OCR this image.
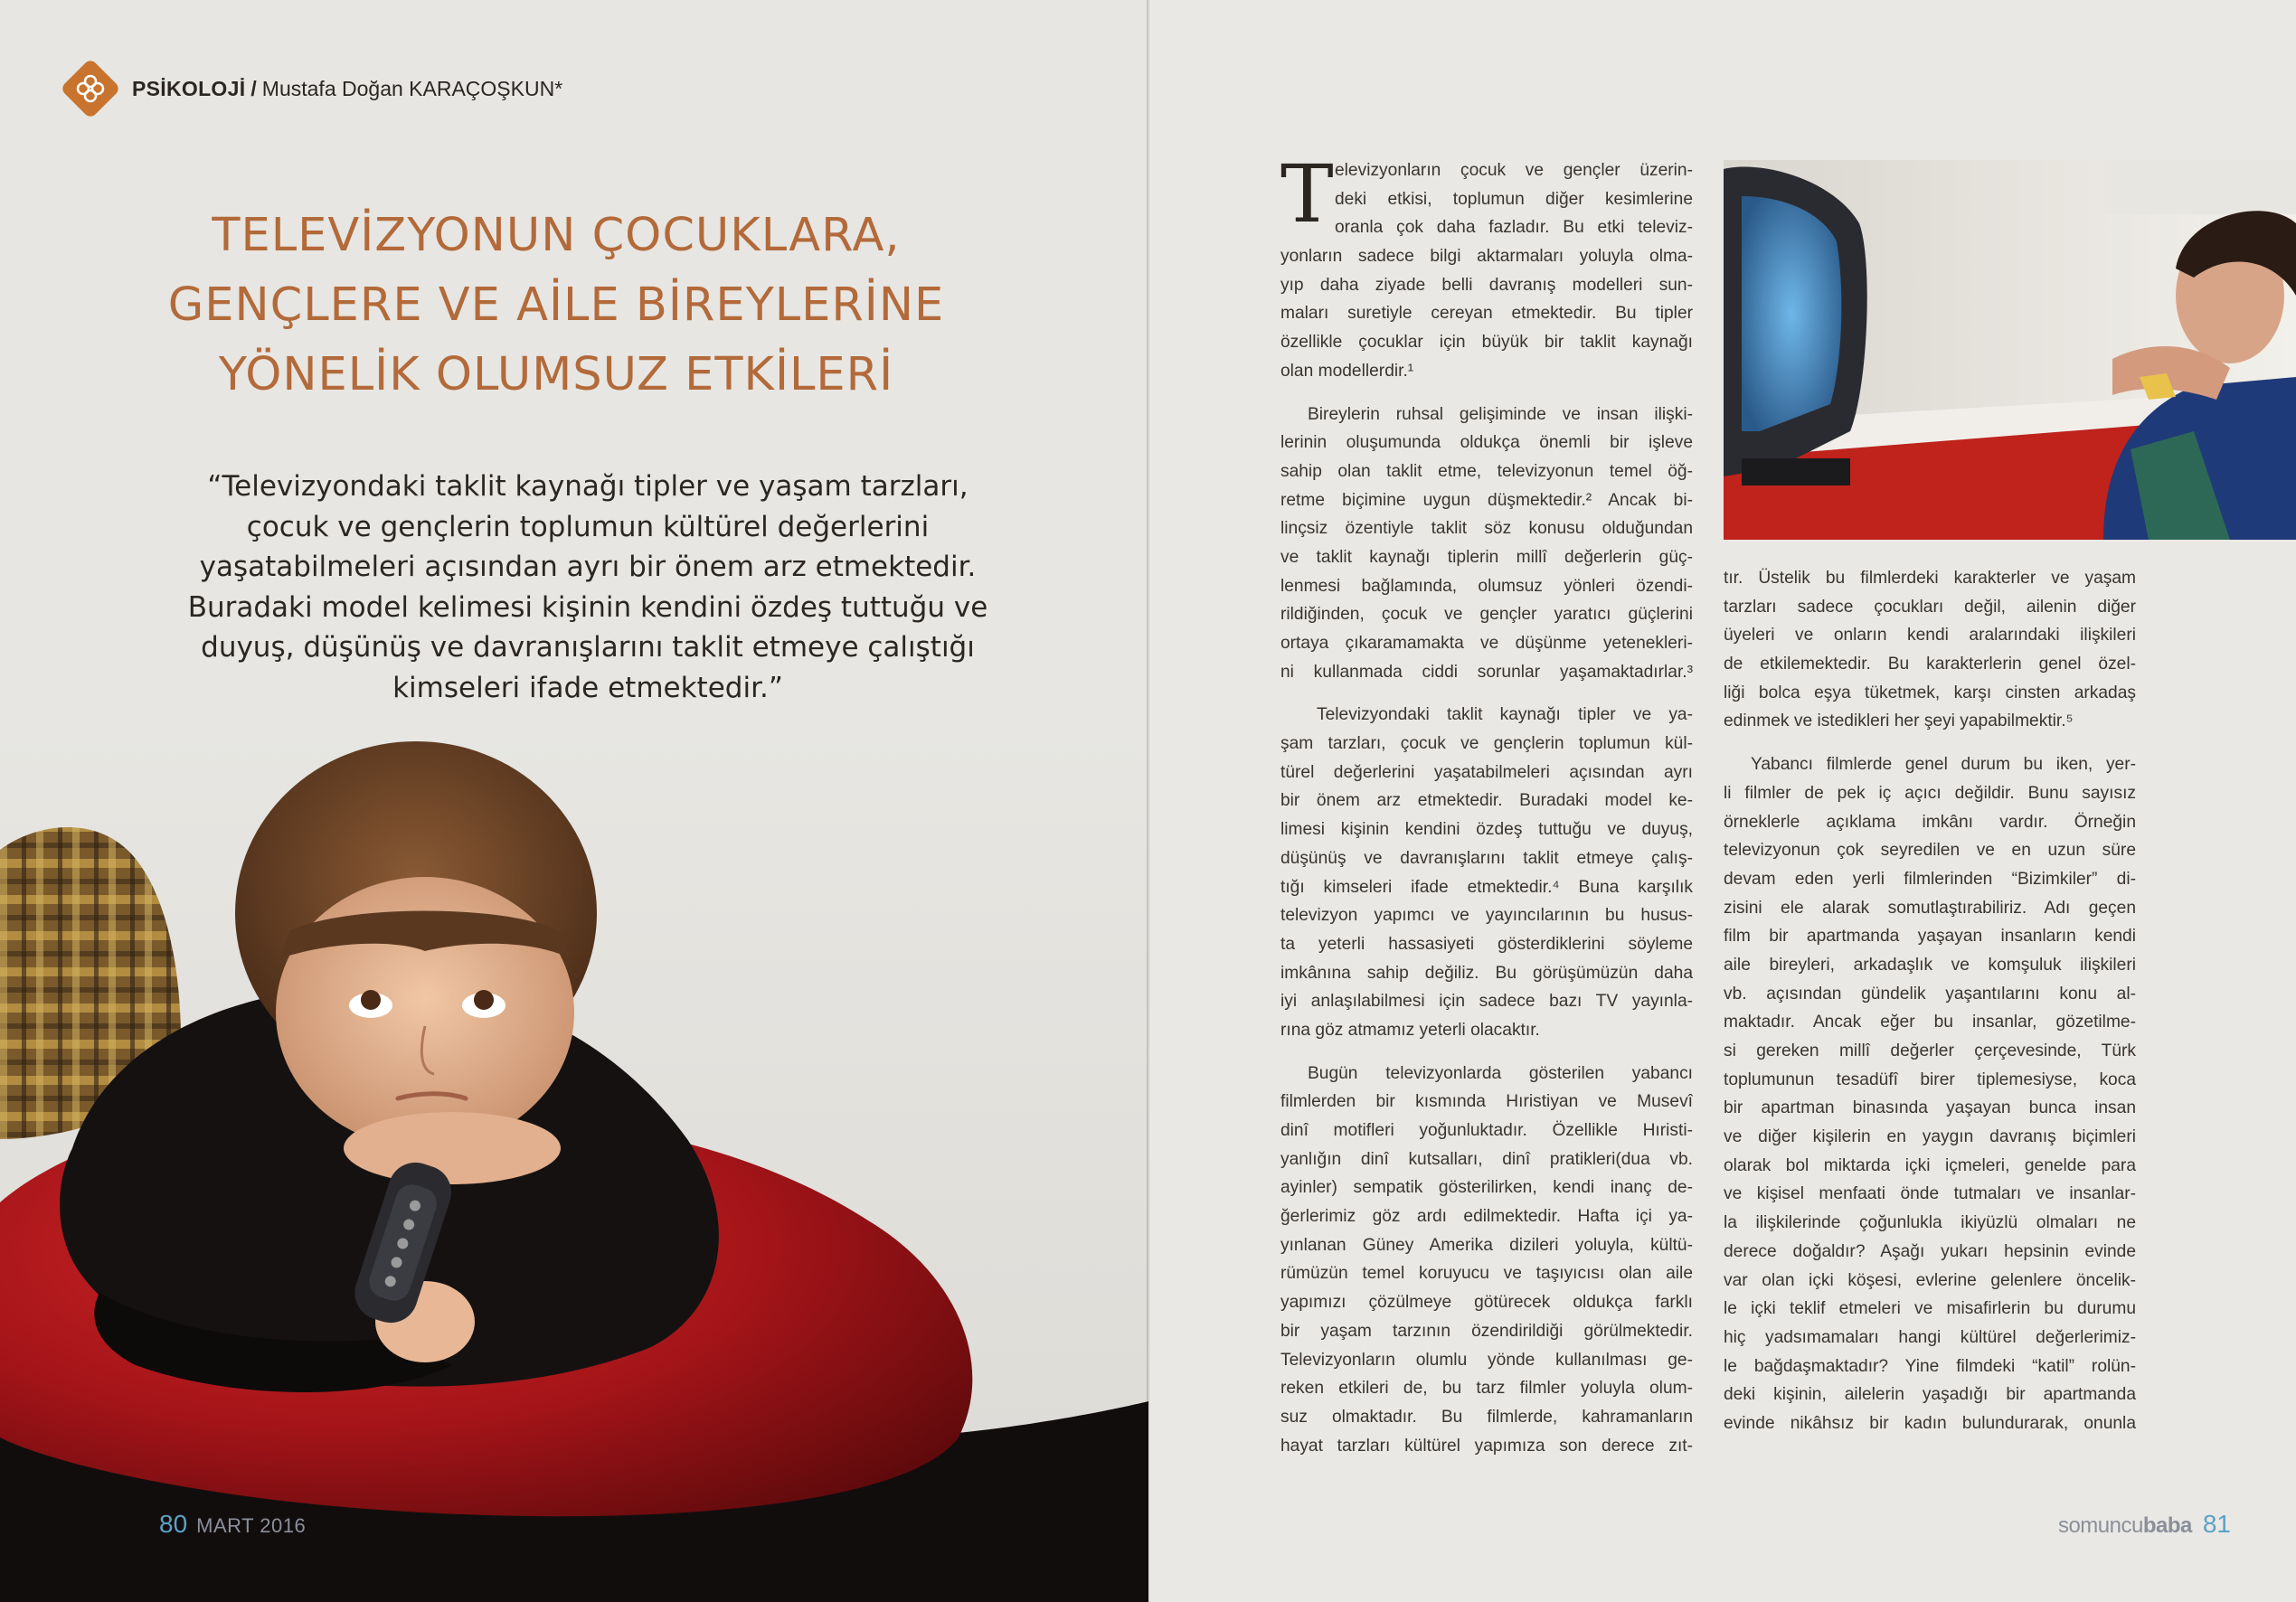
PSİKOLOJİ / Mustafa Doğan KARAÇOŞKUN*
TELEVİZYONUN ÇOCUKLARA,
GENÇLERE VE AİLE BİREYLERİNE
YÖNELİK OLUMSUZ ETKİLERİ
“Televizyondaki taklit kaynağı tipler ve yaşam tarzları,
çocuk ve gençlerin toplumun kültürel değerlerini
yaşatabilmeleri açısından ayrı bir önem arz etmektedir.
Buradaki model kelimesi kişinin kendini özdeş tuttuğu ve
duyuş, düşünüş ve davranışlarını taklit etmeye çalıştığı
kimseleri ifade etmektedir.”
80 MART 2016
T elevizyonların çocuk ve gençler üzerin-
deki etkisi, toplumun diğer kesimlerine
oranla çok daha fazladır. Bu etki televiz-
yonların sadece bilgi aktarmaları yoluyla olma-
yıp daha ziyade belli davranış modelleri sun-
maları suretiyle cereyan etmektedir. Bu tipler
özellikle çocuklar için büyük bir taklit kaynağı
olan modellerdir.¹
Bireylerin ruhsal gelişiminde ve insan ilişki-
lerinin oluşumunda oldukça önemli bir işleve
sahip olan taklit etme, televizyonun temel öğ-
retme biçimine uygun düşmektedir.² Ancak bi-
linçsiz özentiyle taklit söz konusu olduğundan
ve taklit kaynağı tiplerin millî değerlerin güç-
lenmesi bağlamında, olumsuz yönleri özendi-
rildiğinden, çocuk ve gençler yaratıcı güçlerini
ortaya çıkaramamakta ve düşünme yetenekleri-
ni kullanmada ciddi sorunlar yaşamaktadırlar.³
Televizyondaki taklit kaynağı tipler ve ya-
şam tarzları, çocuk ve gençlerin toplumun kül-
türel değerlerini yaşatabilmeleri açısından ayrı
bir önem arz etmektedir. Buradaki model ke-
limesi kişinin kendini özdeş tuttuğu ve duyuş,
düşünüş ve davranışlarını taklit etmeye çalış-
tığı kimseleri ifade etmektedir.⁴ Buna karşılık
televizyon yapımcı ve yayıncılarının bu husus-
ta yeterli hassasiyeti gösterdiklerini söyleme
imkânına sahip değiliz. Bu görüşümüzün daha
iyi anlaşılabilmesi için sadece bazı TV yayınla-
rına göz atmamız yeterli olacaktır.
Bugün televizyonlarda gösterilen yabancı
filmlerden bir kısmında Hıristiyan ve Musevî
dinî motifleri yoğunluktadır. Özellikle Hıristi-
yanlığın dinî kutsalları, dinî pratikleri(dua vb.
ayinler) sempatik gösterilirken, kendi inanç de-
ğerlerimiz göz ardı edilmektedir. Hafta içi ya-
yınlanan Güney Amerika dizileri yoluyla, kültü-
rümüzün temel koruyucu ve taşıyıcısı olan aile
yapımızı çözülmeye götürecek oldukça farklı
bir yaşam tarzının özendirildiği görülmektedir.
Televizyonların olumlu yönde kullanılması ge-
reken etkileri de, bu tarz filmler yoluyla olum-
suz olmaktadır. Bu filmlerde, kahramanların
hayat tarzları kültürel yapımıza son derece zıt-
tır. Üstelik bu filmlerdeki karakterler ve yaşam
tarzları sadece çocukları değil, ailenin diğer
üyeleri ve onların kendi aralarındaki ilişkileri
de etkilemektedir. Bu karakterlerin genel özel-
liği bolca eşya tüketmek, karşı cinsten arkadaş
edinmek ve istedikleri her şeyi yapabilmektir.⁵
Yabancı filmlerde genel durum bu iken, yer-
li filmler de pek iç açıcı değildir. Bunu sayısız
örneklerle açıklama imkânı vardır. Örneğin
televizyonun çok seyredilen ve en uzun süre
devam eden yerli filmlerinden “Bizimkiler” di-
zisini ele alarak somutlaştırabiliriz. Adı geçen
film bir apartmanda yaşayan insanların kendi
aile bireyleri, arkadaşlık ve komşuluk ilişkileri
vb. açısından gündelik yaşantılarını konu al-
maktadır. Ancak eğer bu insanlar, gözetilme-
si gereken millî değerler çerçevesinde, Türk
toplumunun tesadüfî birer tiplemesiyse, koca
bir apartman binasında yaşayan bunca insan
ve diğer kişilerin en yaygın davranış biçimleri
olarak bol miktarda içki içmeleri, genelde para
ve kişisel menfaati önde tutmaları ve insanlar-
la ilişkilerinde çoğunlukla ikiyüzlü olmaları ne
derece doğaldır? Aşağı yukarı hepsinin evinde
var olan içki köşesi, evlerine gelenlere öncelik-
le içki teklif etmeleri ve misafirlerin bu durumu
hiç yadsımamaları hangi kültürel değerlerimiz-
le bağdaşmaktadır? Yine filmdeki “katil” rolün-
deki kişinin, ailelerin yaşadığı bir apartmanda
evinde nikâhsız bir kadın bulundurarak, onunla
somuncubaba 81
